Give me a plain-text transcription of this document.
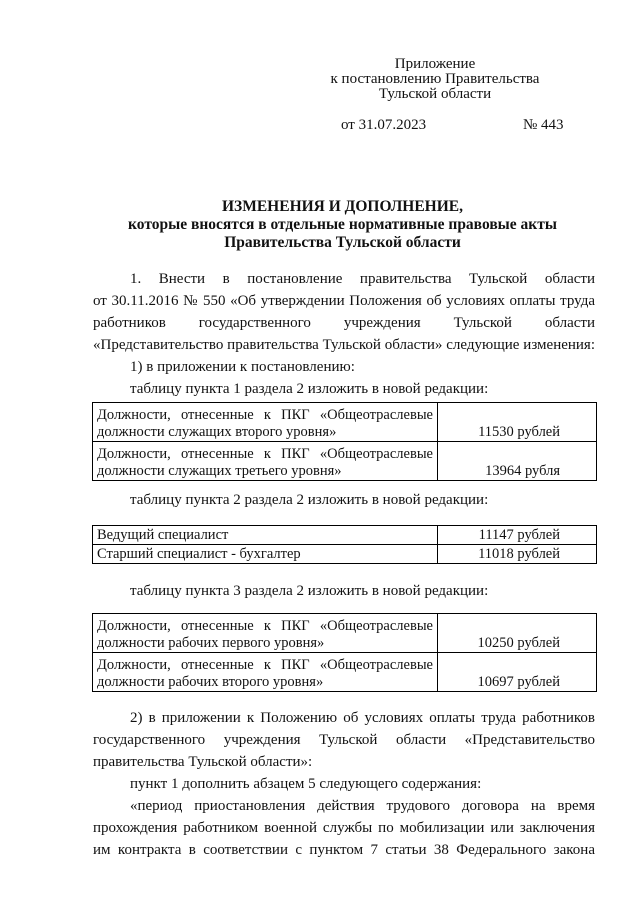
Приложение
к постановлению Правительства
Тульской области
от 31.07.2023	№ 443
ИЗМЕНЕНИЯ И ДОПОЛНЕНИЕ,
которые вносятся в отдельные нормативные правовые акты
Правительства Тульской области
1. Внести в постановление правительства Тульской области
от 30.11.2016 № 550 «Об утверждении Положения об условиях оплаты труда
работников государственного учреждения Тульской области
«Представительство правительства Тульской области» следующие изменения:
1) в приложении к постановлению:
таблицу пункта 1 раздела 2 изложить в новой редакции:
Должности, отнесенные к ПКГ «Общеотраслевые
должности служащих второго уровня»	11530 рублей

Должности, отнесенные к ПКГ «Общеотраслевые
должности служащих третьего уровня»	13964 рубля
таблицу пункта 2 раздела 2 изложить в новой редакции:
Ведущий специалист	11147 рублей
Старший специалист - бухгалтер	11018 рублей
таблицу пункта 3 раздела 2 изложить в новой редакции:
Должности, отнесенные к ПКГ «Общеотраслевые
должности рабочих первого уровня»	10250 рублей

Должности, отнесенные к ПКГ «Общеотраслевые
должности рабочих второго уровня»	10697 рублей
2) в приложении к Положению об условиях оплаты труда работников
государственного учреждения Тульской области «Представительство
правительства Тульской области»:
пункт 1 дополнить абзацем 5 следующего содержания:
«период приостановления действия трудового договора на время
прохождения работником военной службы по мобилизации или заключения
им контракта в соответствии с пунктом 7 статьи 38 Федерального закона
